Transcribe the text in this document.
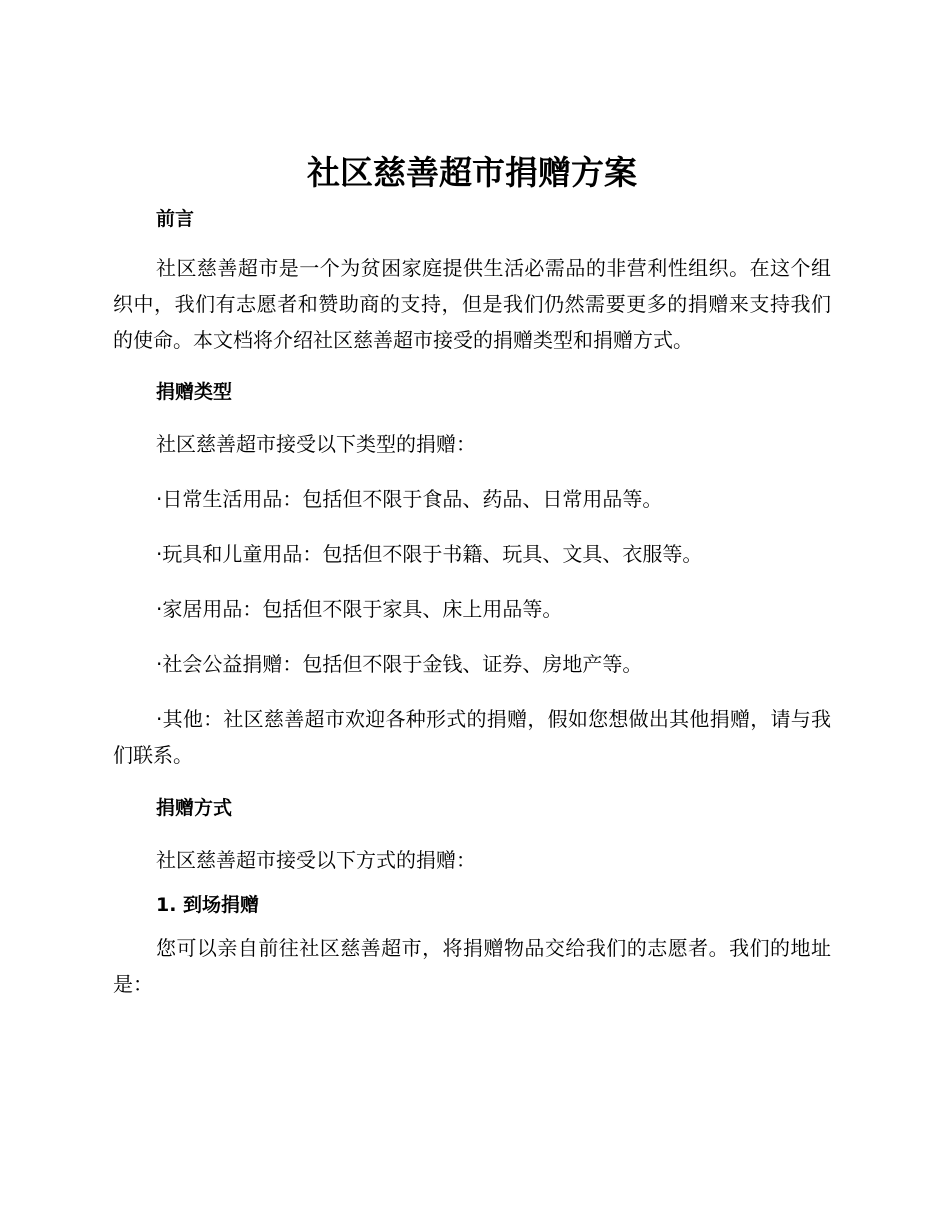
社区慈善超市捐赠方案
前言

社区慈善超市是一个为贫困家庭提供生活必需品的非营利性组织。在这个组织中，我们有志愿者和赞助商的支持，但是我们仍然需要更多的捐赠来支持我们的使命。本文档将介绍社区慈善超市接受的捐赠类型和捐赠方式。

捐赠类型

社区慈善超市接受以下类型的捐赠：

·日常生活用品：包括但不限于食品、药品、日常用品等。

·玩具和儿童用品：包括但不限于书籍、玩具、文具、衣服等。

·家居用品：包括但不限于家具、床上用品等。

·社会公益捐赠：包括但不限于金钱、证券、房地产等。

·其他：社区慈善超市欢迎各种形式的捐赠，假如您想做出其他捐赠，请与我们联系。

捐赠方式

社区慈善超市接受以下方式的捐赠：

1. 到场捐赠

您可以亲自前往社区慈善超市，将捐赠物品交给我们的志愿者。我们的地址是：
